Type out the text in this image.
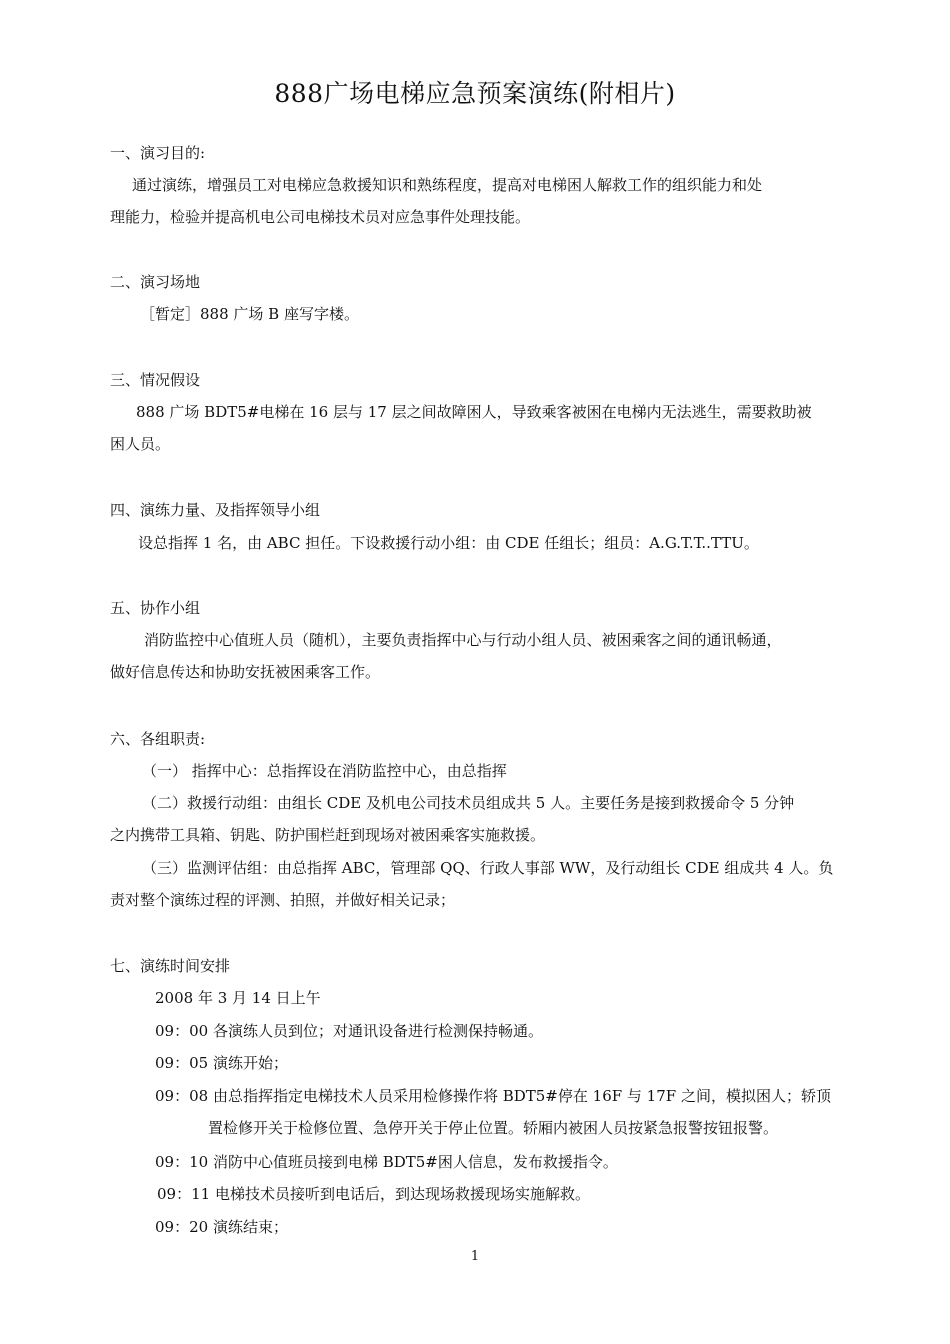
888广场电梯应急预案演练(附相片)
一、演习目的:
通过演练，增强员工对电梯应急救援知识和熟练程度，提高对电梯困人解救工作的组织能力和处
理能力，检验并提高机电公司电梯技术员对应急事件处理技能。
二、演习场地
［暂定］888 广场 B 座写字楼。
三、情况假设
888 广场 BDT5#电梯在 16 层与 17 层之间故障困人，导致乘客被困在电梯内无法逃生，需要救助被
困人员。
四、演练力量、及指挥领导小组
设总指挥 1 名，由 ABC 担任。下设救援行动小组：由 CDE 任组长；组员：A.G.T.T..TTU。
五、协作小组
消防监控中心值班人员（随机），主要负责指挥中心与行动小组人员、被困乘客之间的通讯畅通，
做好信息传达和协助安抚被困乘客工作。
六、各组职责:
（一） 指挥中心：总指挥设在消防监控中心，由总指挥
（二）救援行动组：由组长 CDE 及机电公司技术员组成共 5 人。主要任务是接到救援命令 5 分钟
之内携带工具箱、钥匙、防护围栏赶到现场对被困乘客实施救援。
（三）监测评估组：由总指挥 ABC，管理部 QQ、行政人事部 WW，及行动组长 CDE 组成共 4 人。负
责对整个演练过程的评测、拍照，并做好相关记录；
七、演练时间安排
2008 年 3 月 14 日上午
09：00 各演练人员到位；对通讯设备进行检测保持畅通。
09：05 演练开始；
09：08 由总指挥指定电梯技术人员采用检修操作将 BDT5#停在 16F 与 17F 之间，模拟困人；轿顶
置检修开关于检修位置、急停开关于停止位置。轿厢内被困人员按紧急报警按钮报警。
09：10 消防中心值班员接到电梯 BDT5#困人信息，发布救援指令。
09：11 电梯技术员接听到电话后，到达现场救援现场实施解救。
09：20 演练结束；
1
